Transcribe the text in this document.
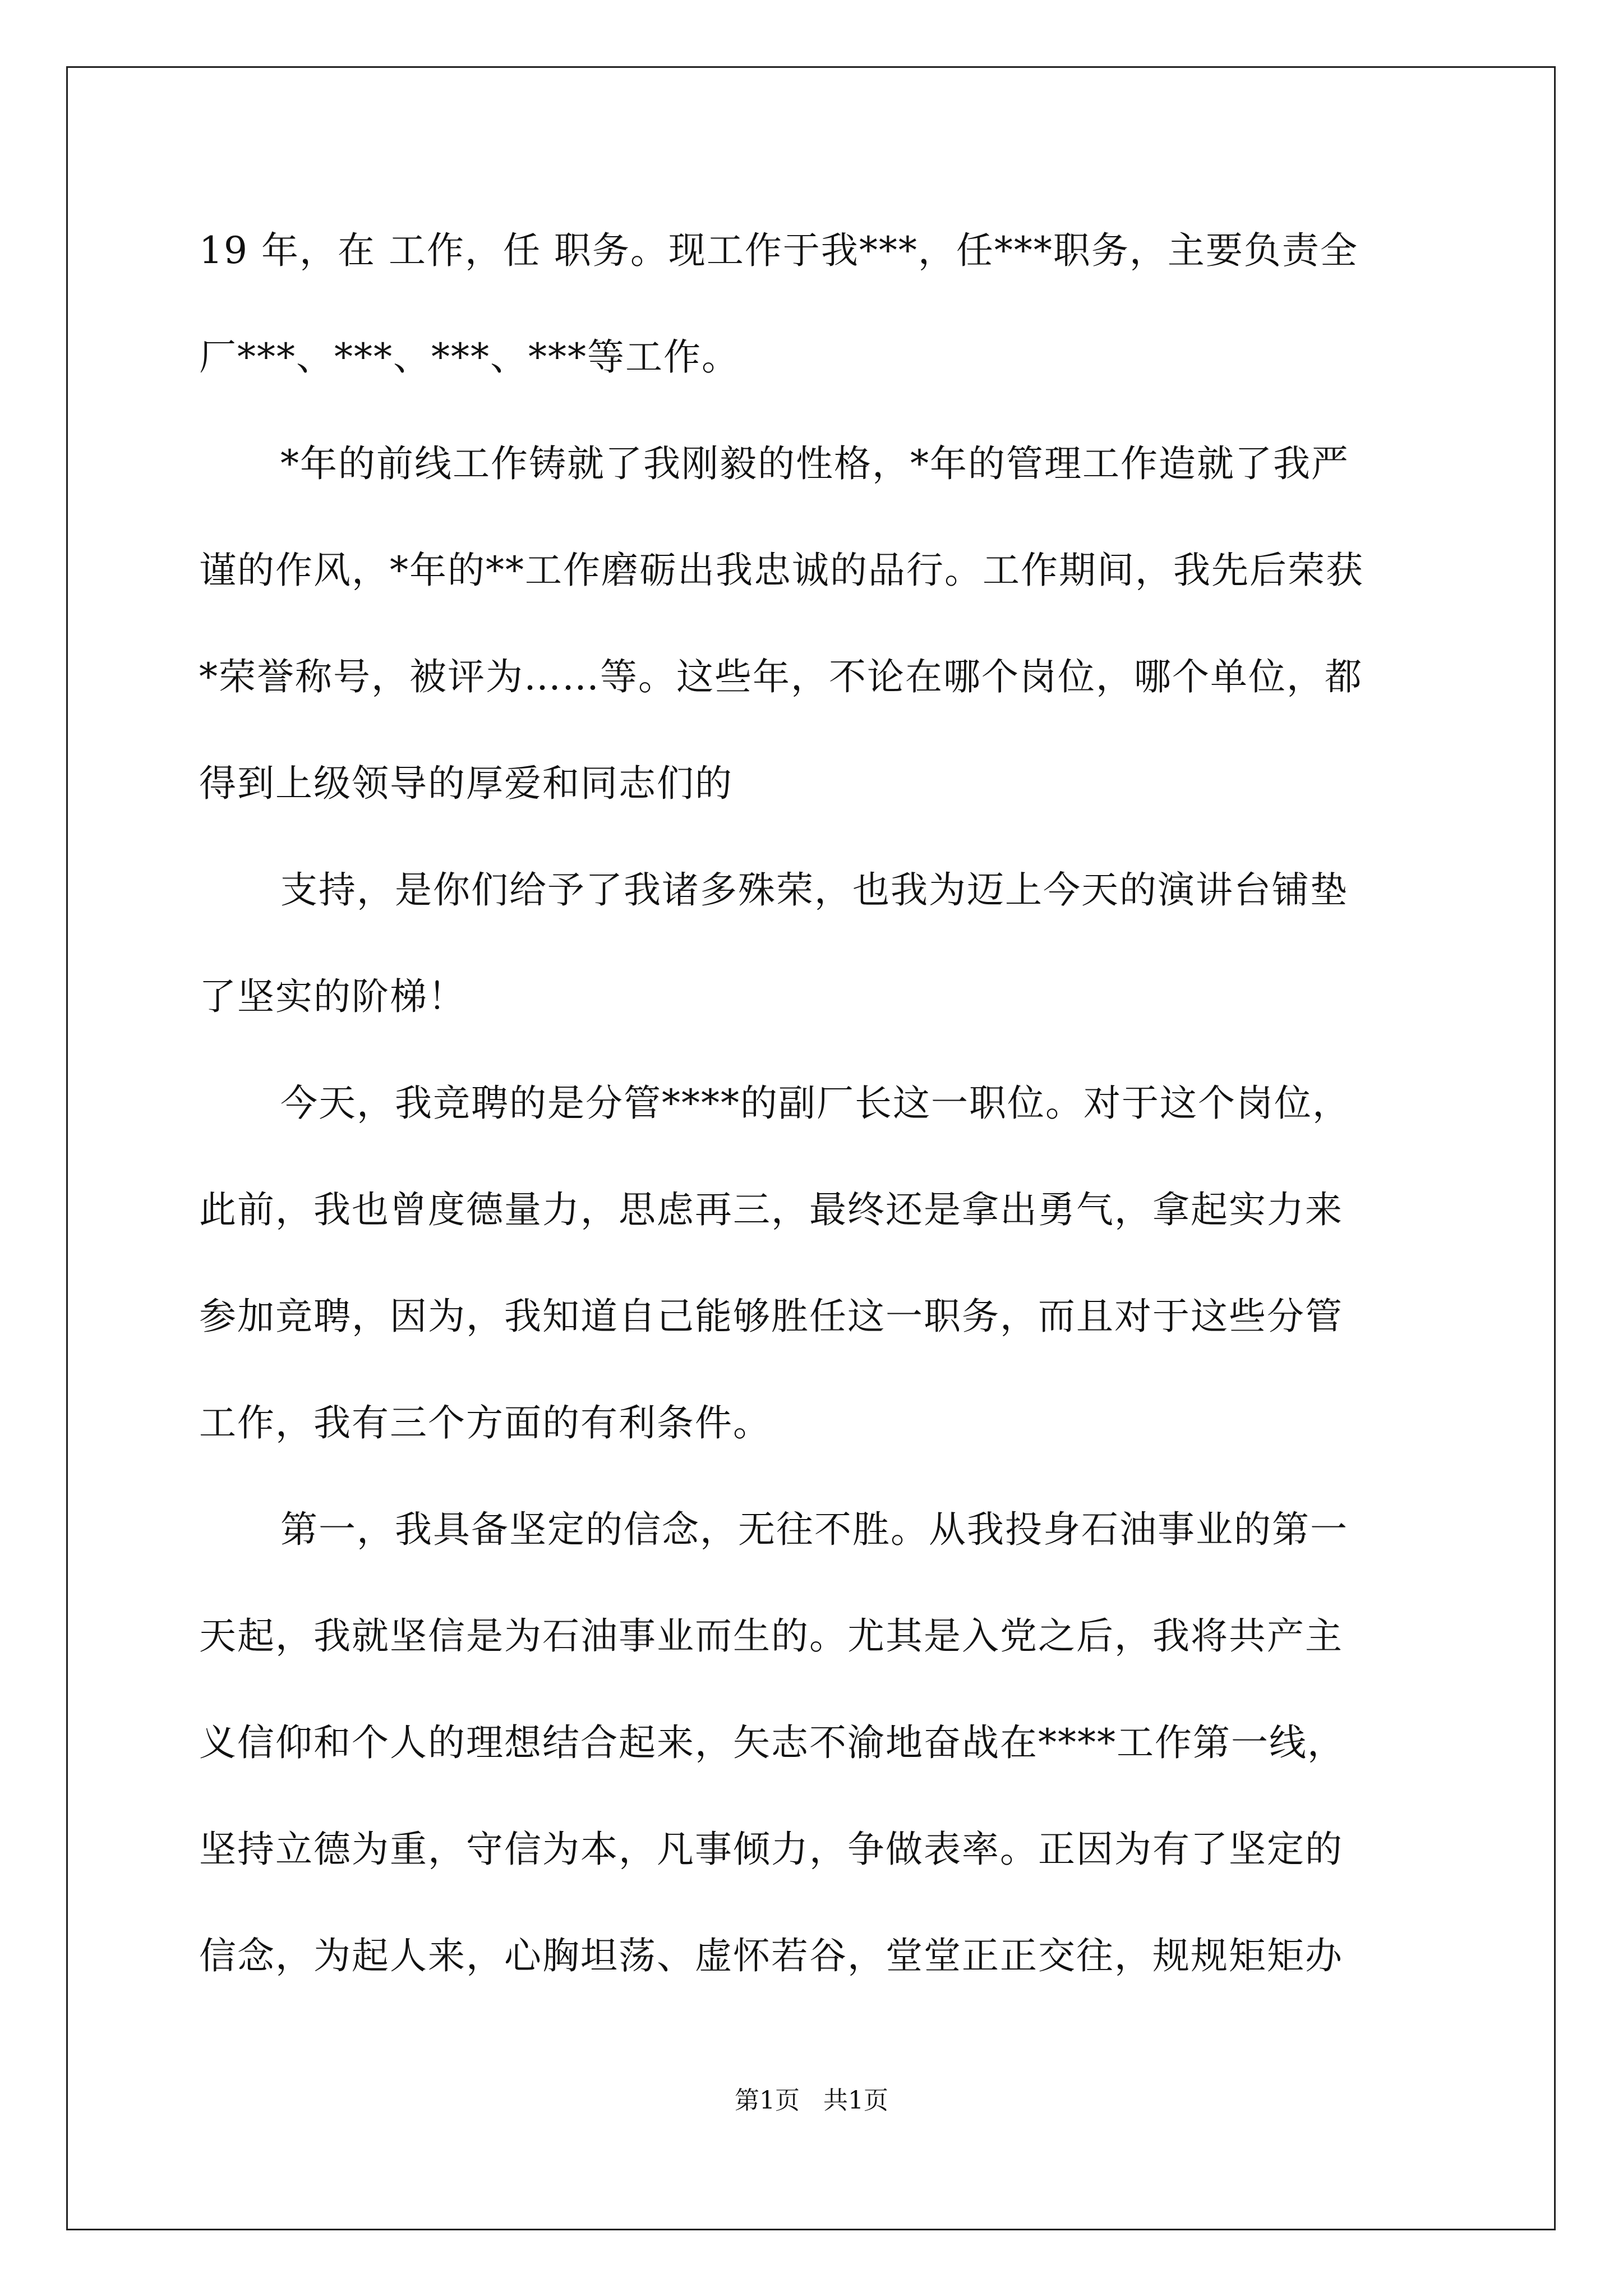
19 年，在 工作，任 职务。现工作于我***，任***职务，主要负责全
厂***、***、***、***等工作。
*年的前线工作铸就了我刚毅的性格，*年的管理工作造就了我严
谨的作风，*年的**工作磨砺出我忠诚的品行。工作期间，我先后荣获
*荣誉称号，被评为……等。这些年，不论在哪个岗位，哪个单位，都
得到上级领导的厚爱和同志们的
支持，是你们给予了我诸多殊荣，也我为迈上今天的演讲台铺垫
了坚实的阶梯！
今天，我竞聘的是分管****的副厂长这一职位。对于这个岗位，
此前，我也曾度德量力，思虑再三，最终还是拿出勇气，拿起实力来
参加竞聘，因为，我知道自己能够胜任这一职务，而且对于这些分管
工作，我有三个方面的有利条件。
第一，我具备坚定的信念，无往不胜。从我投身石油事业的第一
天起，我就坚信是为石油事业而生的。尤其是入党之后，我将共产主
义信仰和个人的理想结合起来，矢志不渝地奋战在****工作第一线，
坚持立德为重，守信为本，凡事倾力，争做表率。正因为有了坚定的
信念，为起人来，心胸坦荡、虚怀若谷，堂堂正正交往，规规矩矩办
第1页   共1页
